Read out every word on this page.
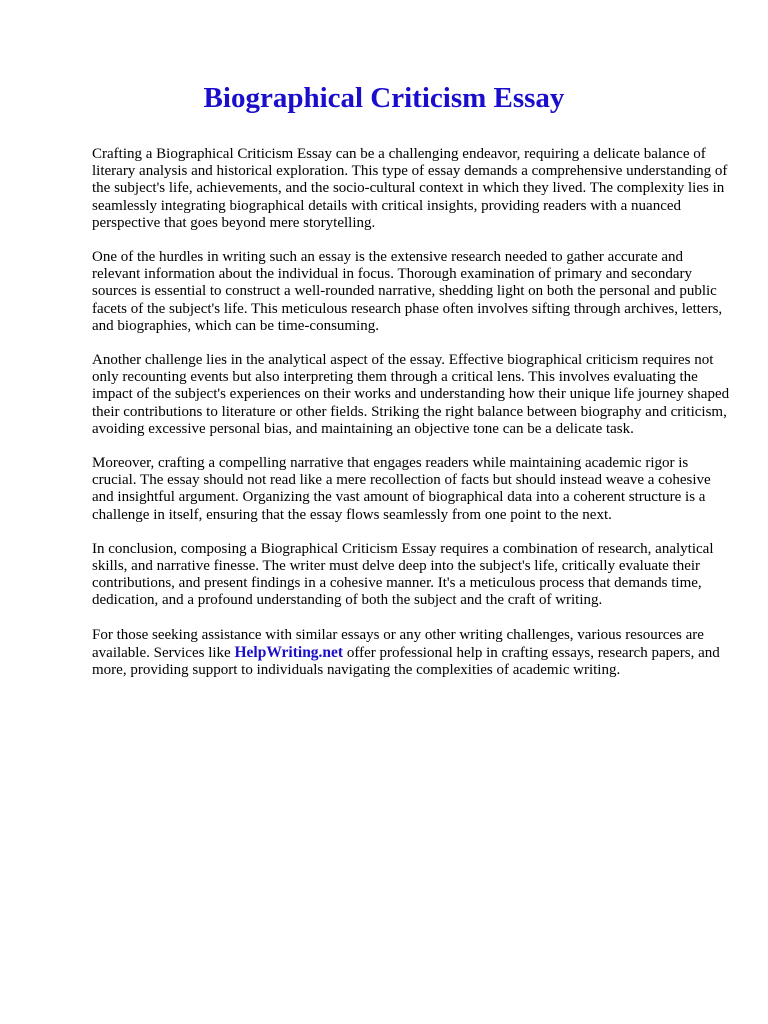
Biographical Criticism Essay

Crafting a Biographical Criticism Essay can be a challenging endeavor, requiring a delicate balance of literary analysis and historical exploration. This type of essay demands a comprehensive understanding of the subject's life, achievements, and the socio-cultural context in which they lived. The complexity lies in seamlessly integrating biographical details with critical insights, providing readers with a nuanced perspective that goes beyond mere storytelling.

One of the hurdles in writing such an essay is the extensive research needed to gather accurate and relevant information about the individual in focus. Thorough examination of primary and secondary sources is essential to construct a well-rounded narrative, shedding light on both the personal and public facets of the subject's life. This meticulous research phase often involves sifting through archives, letters, and biographies, which can be time-consuming.

Another challenge lies in the analytical aspect of the essay. Effective biographical criticism requires not only recounting events but also interpreting them through a critical lens. This involves evaluating the impact of the subject's experiences on their works and understanding how their unique life journey shaped their contributions to literature or other fields. Striking the right balance between biography and criticism, avoiding excessive personal bias, and maintaining an objective tone can be a delicate task.

Moreover, crafting a compelling narrative that engages readers while maintaining academic rigor is crucial. The essay should not read like a mere recollection of facts but should instead weave a cohesive and insightful argument. Organizing the vast amount of biographical data into a coherent structure is a challenge in itself, ensuring that the essay flows seamlessly from one point to the next.

In conclusion, composing a Biographical Criticism Essay requires a combination of research, analytical skills, and narrative finesse. The writer must delve deep into the subject's life, critically evaluate their contributions, and present findings in a cohesive manner. It's a meticulous process that demands time, dedication, and a profound understanding of both the subject and the craft of writing.

For those seeking assistance with similar essays or any other writing challenges, various resources are available. Services like HelpWriting.net offer professional help in crafting essays, research papers, and more, providing support to individuals navigating the complexities of academic writing.
